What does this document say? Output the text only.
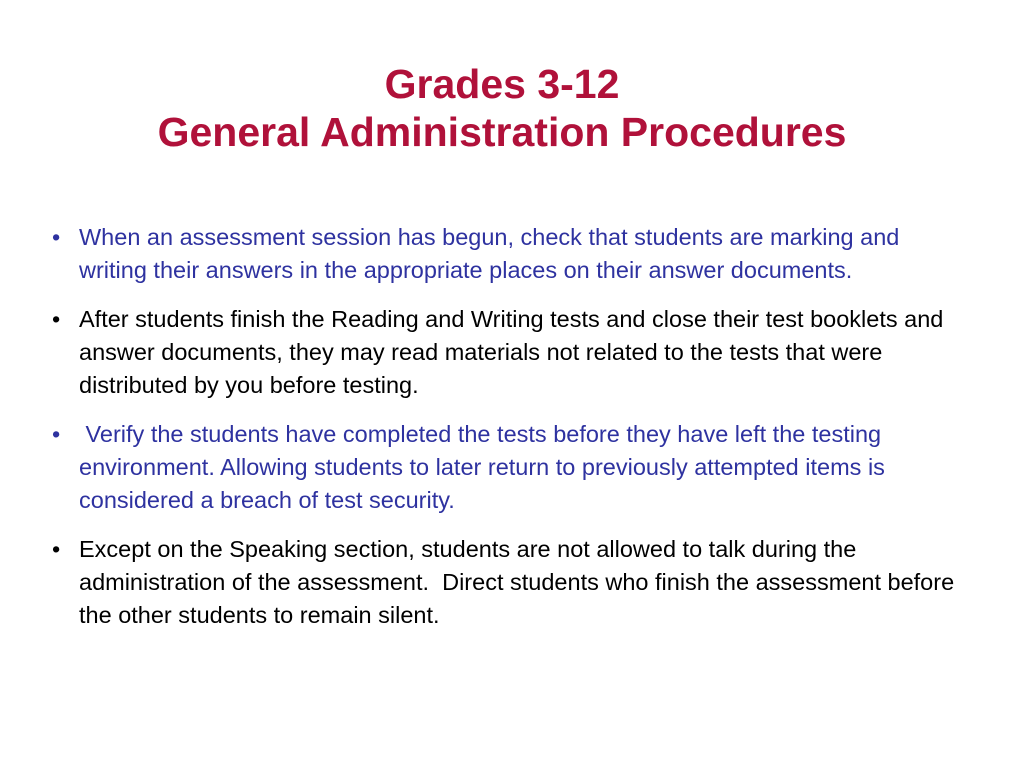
Grades 3-12
General Administration Procedures
• When an assessment session has begun, check that students are marking and writing their answers in the appropriate places on their answer documents.
• After students finish the Reading and Writing tests and close their test booklets and answer documents, they may read materials not related to the tests that were distributed by you before testing.
• Verify the students have completed the tests before they have left the testing environment. Allowing students to later return to previously attempted items is considered a breach of test security.
• Except on the Speaking section, students are not allowed to talk during the administration of the assessment.  Direct students who finish the assessment before the other students to remain silent.
